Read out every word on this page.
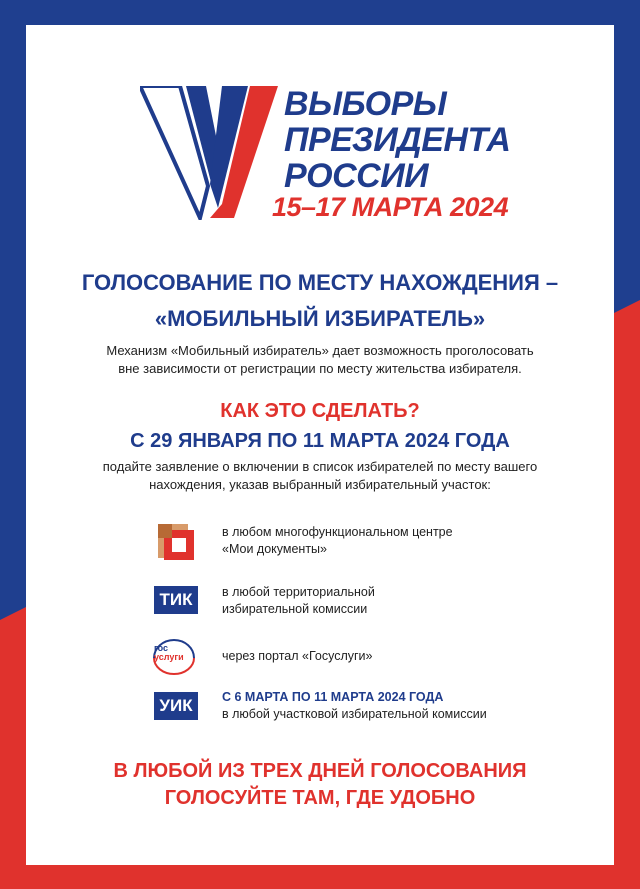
ВЫБОРЫ
ПРЕЗИДЕНТА
РОССИИ
15–17 МАРТА 2024
ГОЛОСОВАНИЕ ПО МЕСТУ НАХОЖДЕНИЯ –
«МОБИЛЬНЫЙ ИЗБИРАТЕЛЬ»
Механизм «Мобильный избиратель» дает возможность проголосовать
вне зависимости от регистрации по месту жительства избирателя.
КАК ЭТО СДЕЛАТЬ?
С 29 ЯНВАРЯ ПО 11 МАРТА 2024 ГОДА
подайте заявление о включении в список избирателей по месту вашего
нахождения, указав выбранный избирательный участок:
в любом многофункциональном центре
«Мои документы»
ТИК	в любой территориальной
избирательной комиссии
гос
услуги	через портал «Госуслуги»
УИК	С 6 МАРТА ПО 11 МАРТА 2024 ГОДА
в любой участковой избирательной комиссии
В ЛЮБОЙ ИЗ ТРЕХ ДНЕЙ ГОЛОСОВАНИЯ
ГОЛОСУЙТЕ ТАМ, ГДЕ УДОБНО
